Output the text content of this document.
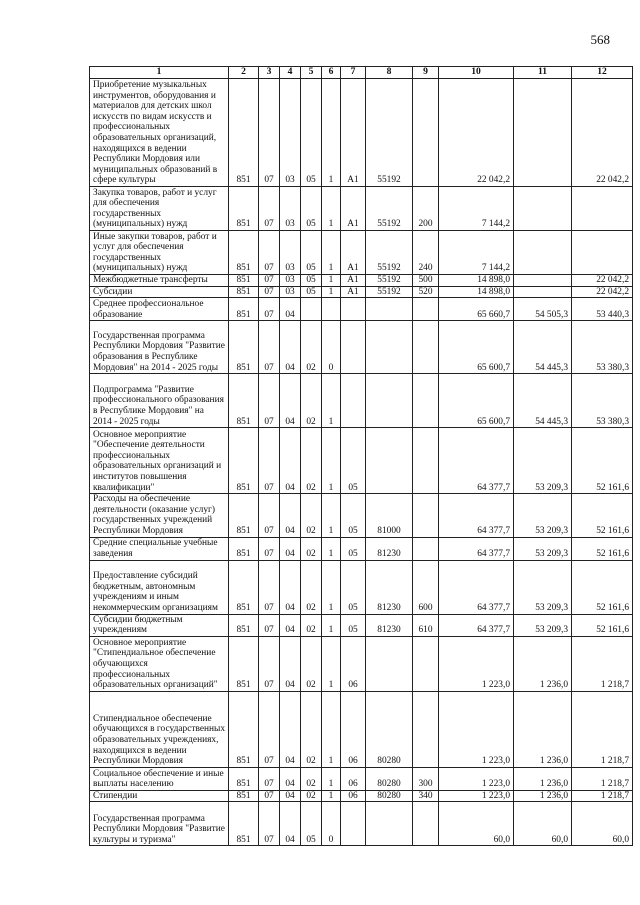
568
1	2	3	4	5	6	7	8	9	10	11	12
Приобретение музыкальных инструментов, оборудования и материалов для детских школ искусств по видам искусств и профессиональных образовательных организаций, находящихся в ведении Республики Мордовия или муниципальных образований в сфере культуры	851	07	03	05	1	A1	55192		22 042,2		22 042,2
Закупка товаров, работ и услуг для обеспечения государственных (муниципальных) нужд	851	07	03	05	1	A1	55192	200	7 144,2		
Иные закупки товаров, работ и услуг для обеспечения государственных (муниципальных) нужд	851	07	03	05	1	A1	55192	240	7 144,2		
Межбюджетные трансферты	851	07	03	05	1	A1	55192	500	14 898,0		22 042,2
Субсидии	851	07	03	05	1	A1	55192	520	14 898,0		22 042,2
Среднее профессиональное образование	851	07	04						65 660,7	54 505,3	53 440,3
Государственная программа Республики Мордовия "Развитие образования в Республике Мордовия" на 2014 - 2025 годы	851	07	04	02	0				65 600,7	54 445,3	53 380,3
Подпрограмма "Развитие профессионального образования в Республике Мордовия" на 2014 - 2025 годы	851	07	04	02	1				65 600,7	54 445,3	53 380,3
Основное мероприятие "Обеспечение деятельности профессиональных образовательных организаций и институтов повышения квалификации"	851	07	04	02	1	05			64 377,7	53 209,3	52 161,6
Расходы на обеспечение деятельности (оказание услуг) государственных учреждений Республики Мордовия	851	07	04	02	1	05	81000		64 377,7	53 209,3	52 161,6
Средние специальные учебные заведения	851	07	04	02	1	05	81230		64 377,7	53 209,3	52 161,6
Предоставление субсидий бюджетным, автономным учреждениям и иным некоммерческим организациям	851	07	04	02	1	05	81230	600	64 377,7	53 209,3	52 161,6
Субсидии бюджетным учреждениям	851	07	04	02	1	05	81230	610	64 377,7	53 209,3	52 161,6
Основное мероприятие "Стипендиальное обеспечение обучающихся профессиональных образовательных организаций"	851	07	04	02	1	06			1 223,0	1 236,0	1 218,7
Стипендиальное обеспечение обучающихся в государственных образовательных учреждениях, находящихся в ведении Республики Мордовия	851	07	04	02	1	06	80280		1 223,0	1 236,0	1 218,7
Социальное обеспечение и иные выплаты населению	851	07	04	02	1	06	80280	300	1 223,0	1 236,0	1 218,7
Стипендии	851	07	04	02	1	06	80280	340	1 223,0	1 236,0	1 218,7
Государственная программа Республики Мордовия "Развитие культуры и туризма"	851	07	04	05	0				60,0	60,0	60,0
